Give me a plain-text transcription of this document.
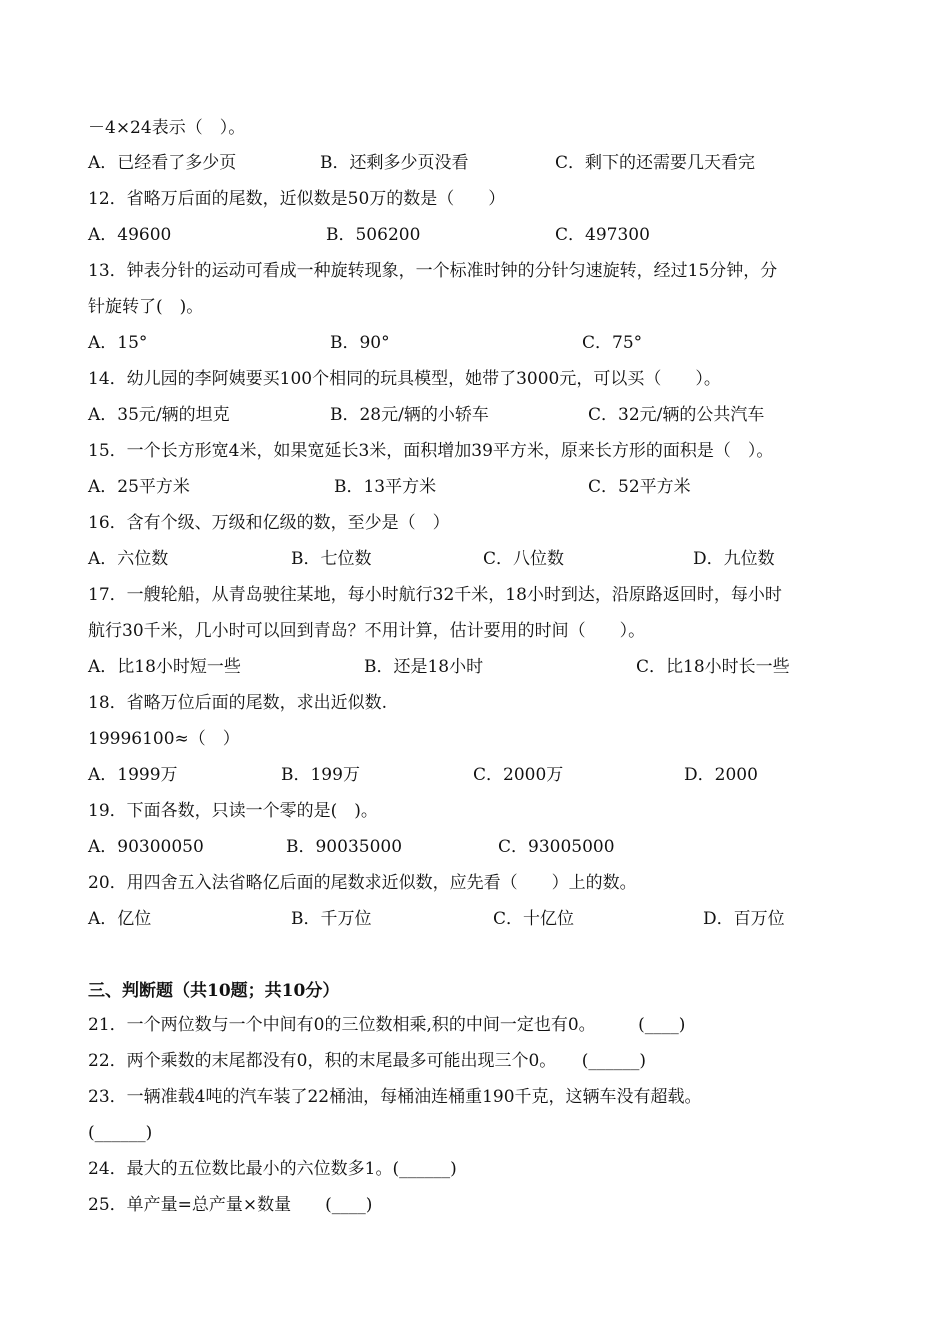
－4×24表示（　）。
A．已经看了多少页	B．还剩多少页没看	C．剩下的还需要几天看完
12．省略万后面的尾数，近似数是50万的数是（　　）
A．49600	B．506200	C．497300
13．钟表分针的运动可看成一种旋转现象，一个标准时钟的分针匀速旋转，经过15分钟，分
针旋转了(　)。
A．15°	B．90°	C．75°
14．幼儿园的李阿姨要买100个相同的玩具模型，她带了3000元，可以买（　　）。
A．35元/辆的坦克	B．28元/辆的小轿车	C．32元/辆的公共汽车
15．一个长方形宽4米，如果宽延长3米，面积增加39平方米，原来长方形的面积是（　）。
A．25平方米	B．13平方米	C．52平方米
16．含有个级、万级和亿级的数，至少是（　）
A．六位数	B．七位数	C．八位数	D．九位数
17．一艘轮船，从青岛驶往某地，每小时航行32千米，18小时到达，沿原路返回时，每小时
航行30千米，几小时可以回到青岛？不用计算，估计要用的时间（　　）。
A．比18小时短一些	B．还是18小时	C．比18小时长一些
18．省略万位后面的尾数，求出近似数.
19996100≈（　）
A．1999万	B．199万	C．2000万	D．2000
19．下面各数，只读一个零的是(　)。
A．90300050	B．90035000	C．93005000
20．用四舍五入法省略亿后面的尾数求近似数，应先看（　　）上的数。
A．亿位	B．千万位	C．十亿位	D．百万位
三、判断题（共10题；共10分）
21．一个两位数与一个中间有0的三位数相乘,积的中间一定也有0。　　　(____)
22．两个乘数的末尾都没有0，积的末尾最多可能出现三个0。　　(______)
23．一辆准载4吨的汽车装了22桶油，每桶油连桶重190千克，这辆车没有超载。
(______)
24．最大的五位数比最小的六位数多1。(______)
25．单产量=总产量×数量　　(____)
